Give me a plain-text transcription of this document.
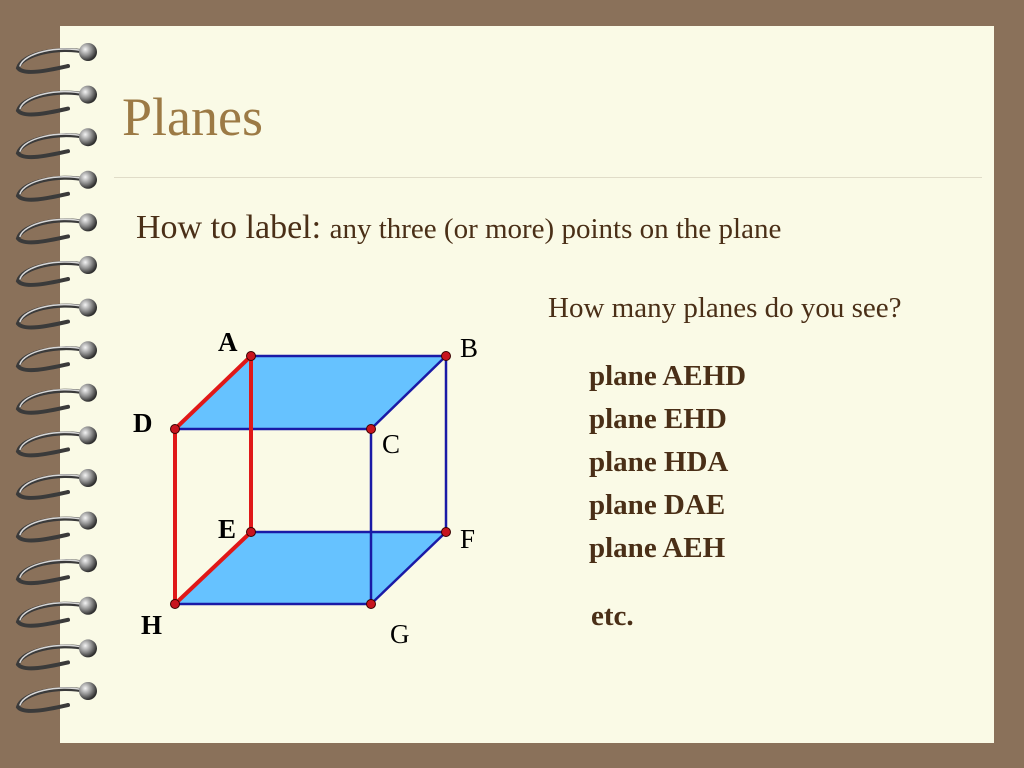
Planes
How to label: any three (or more) points on the plane
How many planes do you see?
plane AEHD
plane EHD
plane HDA
plane DAE
plane AEH
etc.
A	B
C
D
E	F
G
H
